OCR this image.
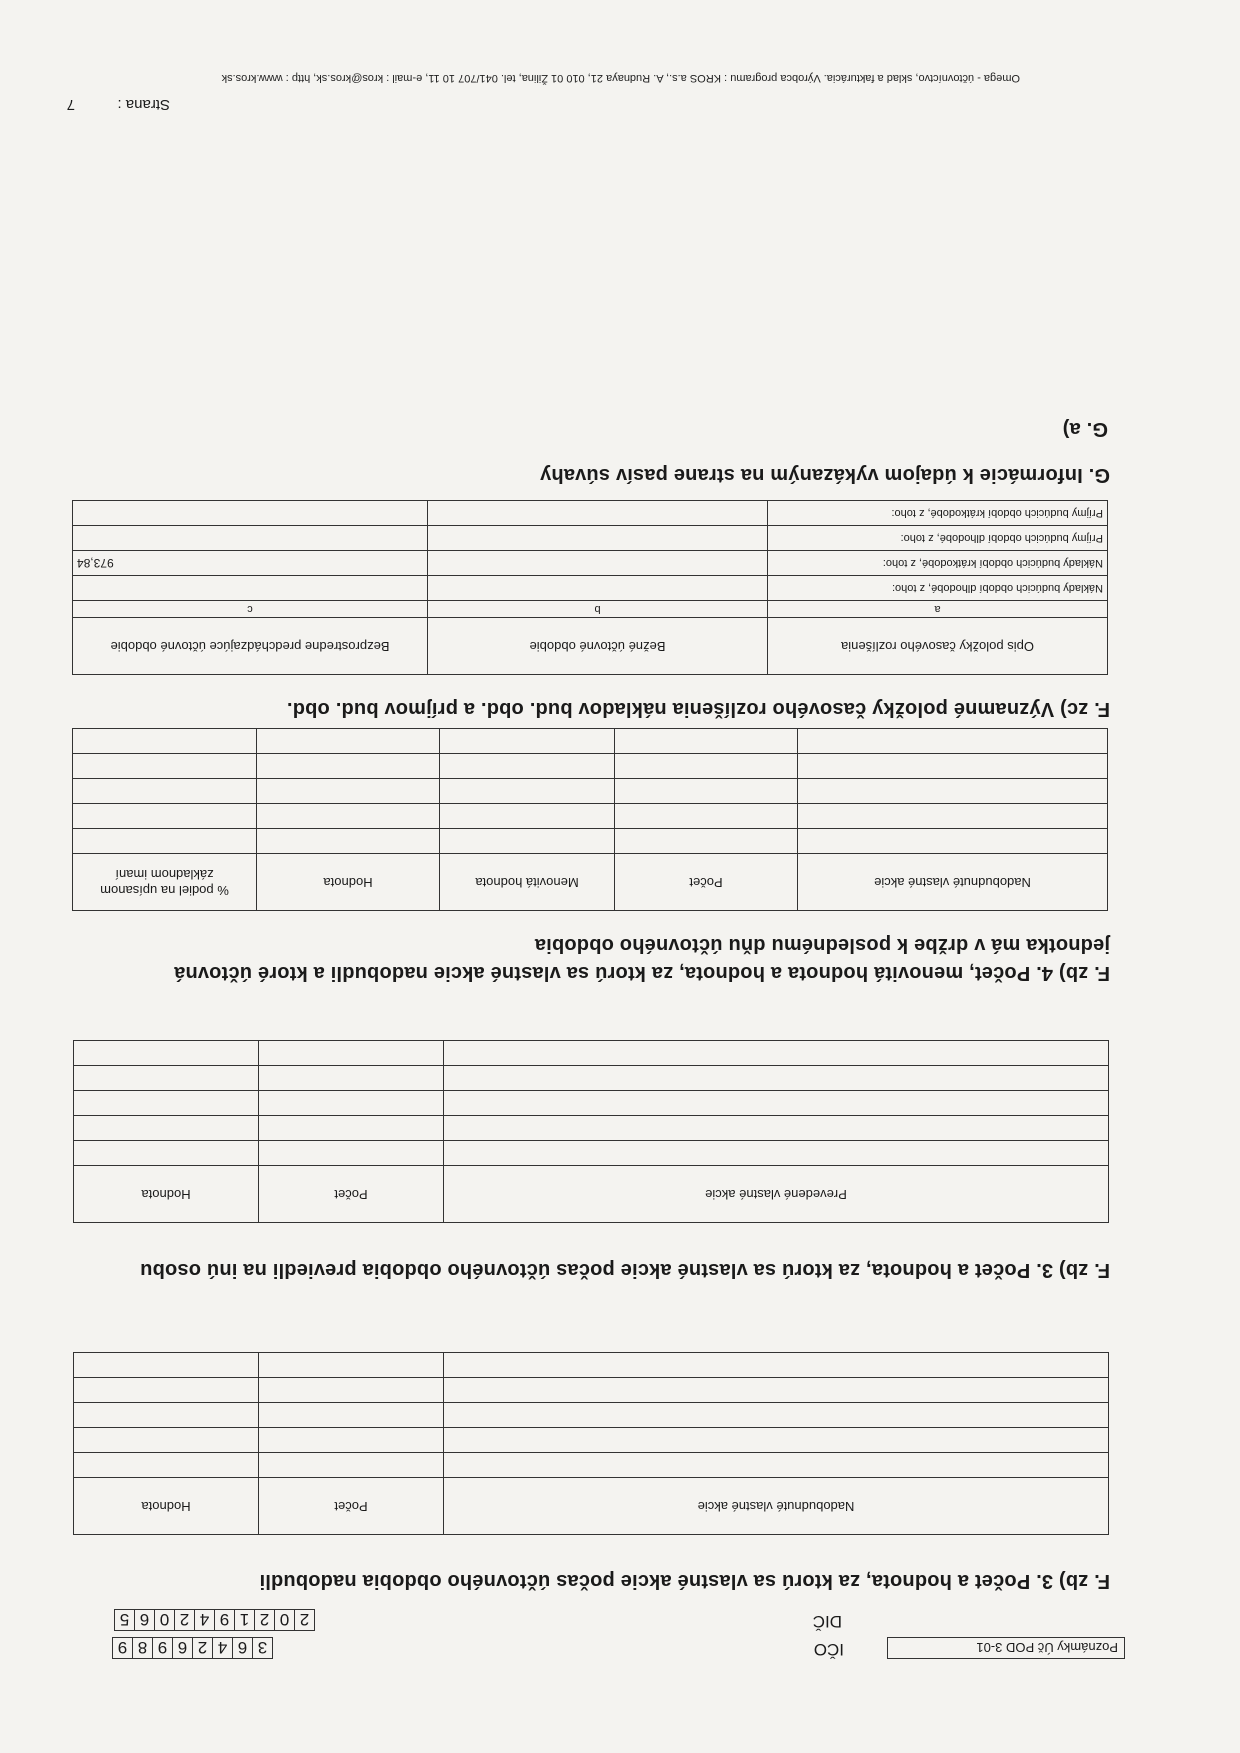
Poznámky Úč POD 3-01
IČO
3
6
4
2
6
9
8
9
DIČ
2
0
2
1
9
4
2
0
6
5
F. zb) 3. Počet a hodnota, za ktorú sa vlastné akcie počas účtovného obdobia nadobudli
Nadobudnuté vlastné akcie	Počet	Hodnota

F. zb) 3. Počet a hodnota, za ktorú sa vlastné akcie počas účtovného obdobia previedli na inú osobu
Prevedené vlastné akcie	Počet	Hodnota

F. zb) 4. Počet, menovitá hodnota a hodnota, za ktorú sa vlastné akcie nadobudli a ktoré účtovná jednotka má v držbe k poslednému dňu účtovného obdobia
Nadobudnuté vlastné akcie	Počet	Menovitá hodnota	Hodnota	% podiel na upísanom základnom imaní

F. zc) Významné položky časového rozlíšenia nákladov bud. obd. a príjmov bud. obd.
Opis položky časového rozlíšenia	Bežné účtovné obdobie	Bezprostredne predchádzajúce účtovné obdobie
a	b	c
Náklady budúcich období dlhodobé, z toho:		
Náklady budúcich období krátkodobé, z toho:		973,84
Príjmy budúcich období dlhodobé, z toho:		
Príjmy budúcich období krátkodobé, z toho:		
G. Informácie k údajom vykázaným na strane pasív súvahy
G. a)
Strana :
7
Omega - účtovníctvo, sklad a fakturácia. Výrobca programu : KROS a.s., A. Rudnaya 21, 010 01 Žilina, tel. 041/707 10 11, e-mail : kros@kros.sk, http : www.kros.sk
